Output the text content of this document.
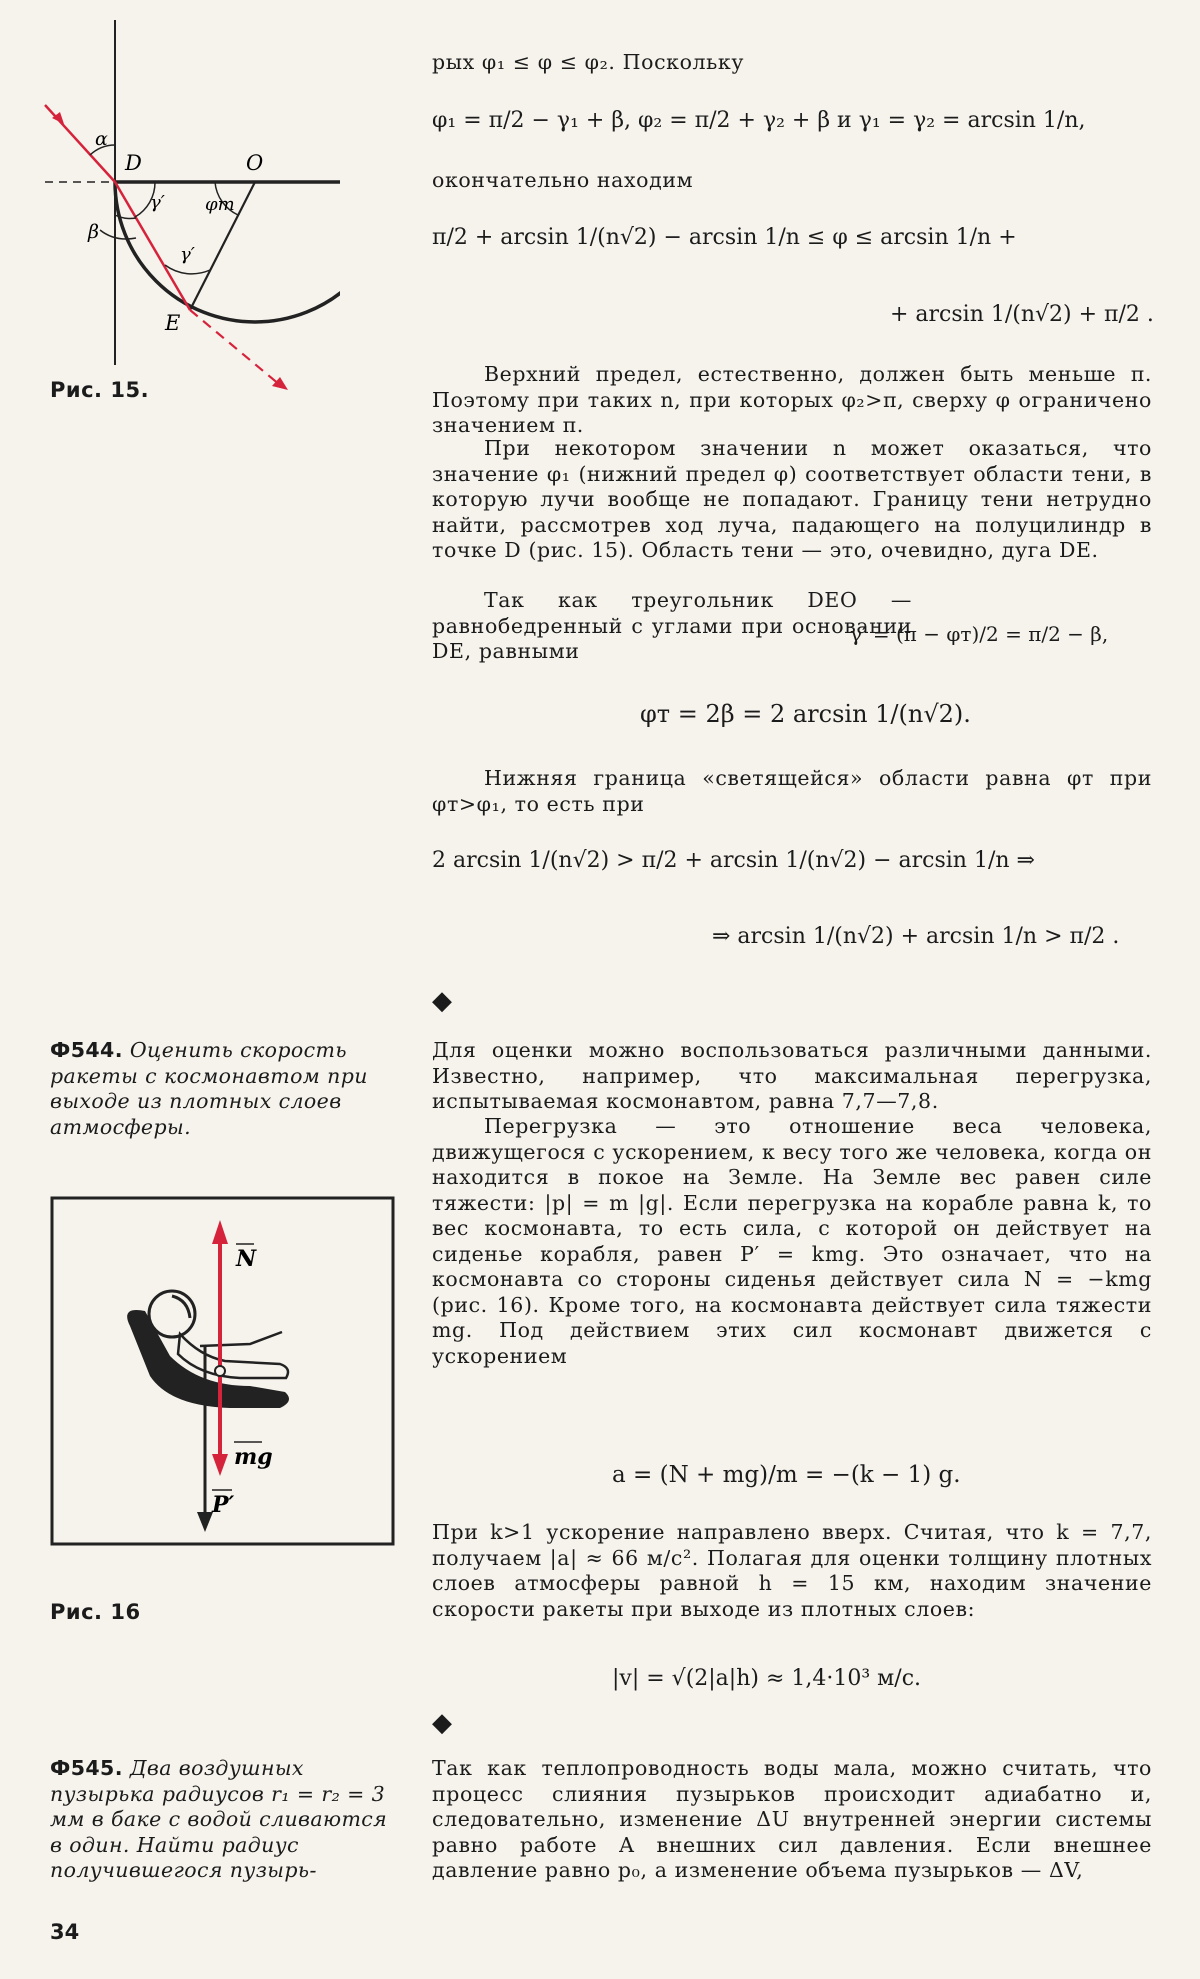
α
D	O
γ′ φт
β
γ′
E
Рис. 15.
рых φ₁ ≤ φ ≤ φ₂. Поскольку
φ₁ = π/2 − γ₁ + β, φ₂ = π/2 + γ₂ + β и γ₁ = γ₂ = arcsin 1/n,
окончательно находим
π/2 + arcsin 1/(n√2) − arcsin 1/n ≤ φ ≤ arcsin 1/n +
+ arcsin 1/(n√2) + π/2 .

Верхний предел, естественно, должен быть меньше π. Поэтому при таких n, при которых φ₂>π, сверху φ ограничено значением π.

При некотором значении n может оказаться, что значение φ₁ (нижний предел φ) соответствует области тени, в которую лучи вообще не попадают. Границу тени нетрудно найти, рассмотрев ход луча, падающего на полуцилиндр в точке D (рис. 15). Область тени — это, очевидно, дуга DE.

Так как треугольник DEO — равнобедренный с углами при основании DE, равными

γ′ = (π − φт)/2 = π/2 − β,
φт = 2β = 2 arcsin 1/(n√2).

Нижняя граница «светящейся» области равна φт при φт>φ₁, то есть при

2 arcsin 1/(n√2) > π/2 + arcsin 1/(n√2) − arcsin 1/n ⇒
⇒ arcsin 1/(n√2) + arcsin 1/n > π/2 .
◆

Ф544. Оценить скорость ракеты с космонавтом при выходе из плотных слоев атмосферы.

Для оценки можно воспользоваться различными данными. Известно, например, что максимальная перегрузка, испытываемая космонавтом, равна 7,7—7,8.

Перегрузка — это отношение веса человека, движущегося с ускорением, к весу того же человека, когда он находится в покое на Земле. На Земле вес равен силе тяжести: |p| = m |g|. Если перегрузка на корабле равна k, то вес космонавта, то есть сила, с которой он действует на сиденье корабля, равен P′ = kmg. Это означает, что на космонавта со стороны сиденья действует сила N = −kmg (рис. 16). Кроме того, на космонавта действует сила тяжести mg. Под действием этих сил космонавт движется с ускорением

a = (N + mg)/m = −(k − 1) g.

При k>1 ускорение направлено вверх. Считая, что k = 7,7, получаем |a| ≈ 66 м/с². Полагая для оценки толщину плотных слоев атмосферы равной h = 15 км, находим значение скорости ракеты при выходе из плотных слоев:

|v| = √(2|a|h) ≈ 1,4·10³ м/с.
N
mg
P′
Рис. 16
◆

Ф545. Два воздушных пузырька радиусов r₁ = r₂ = 3 мм в баке с водой сливаются в один. Найти радиус получившегося пузырь-

Так как теплопроводность воды мала, можно считать, что процесс слияния пузырьков происходит адиабатно и, следовательно, изменение ΔU внутренней энергии системы равно работе A внешних сил давления. Если внешнее давление равно p₀, а изменение объема пузырьков — ΔV,

34
